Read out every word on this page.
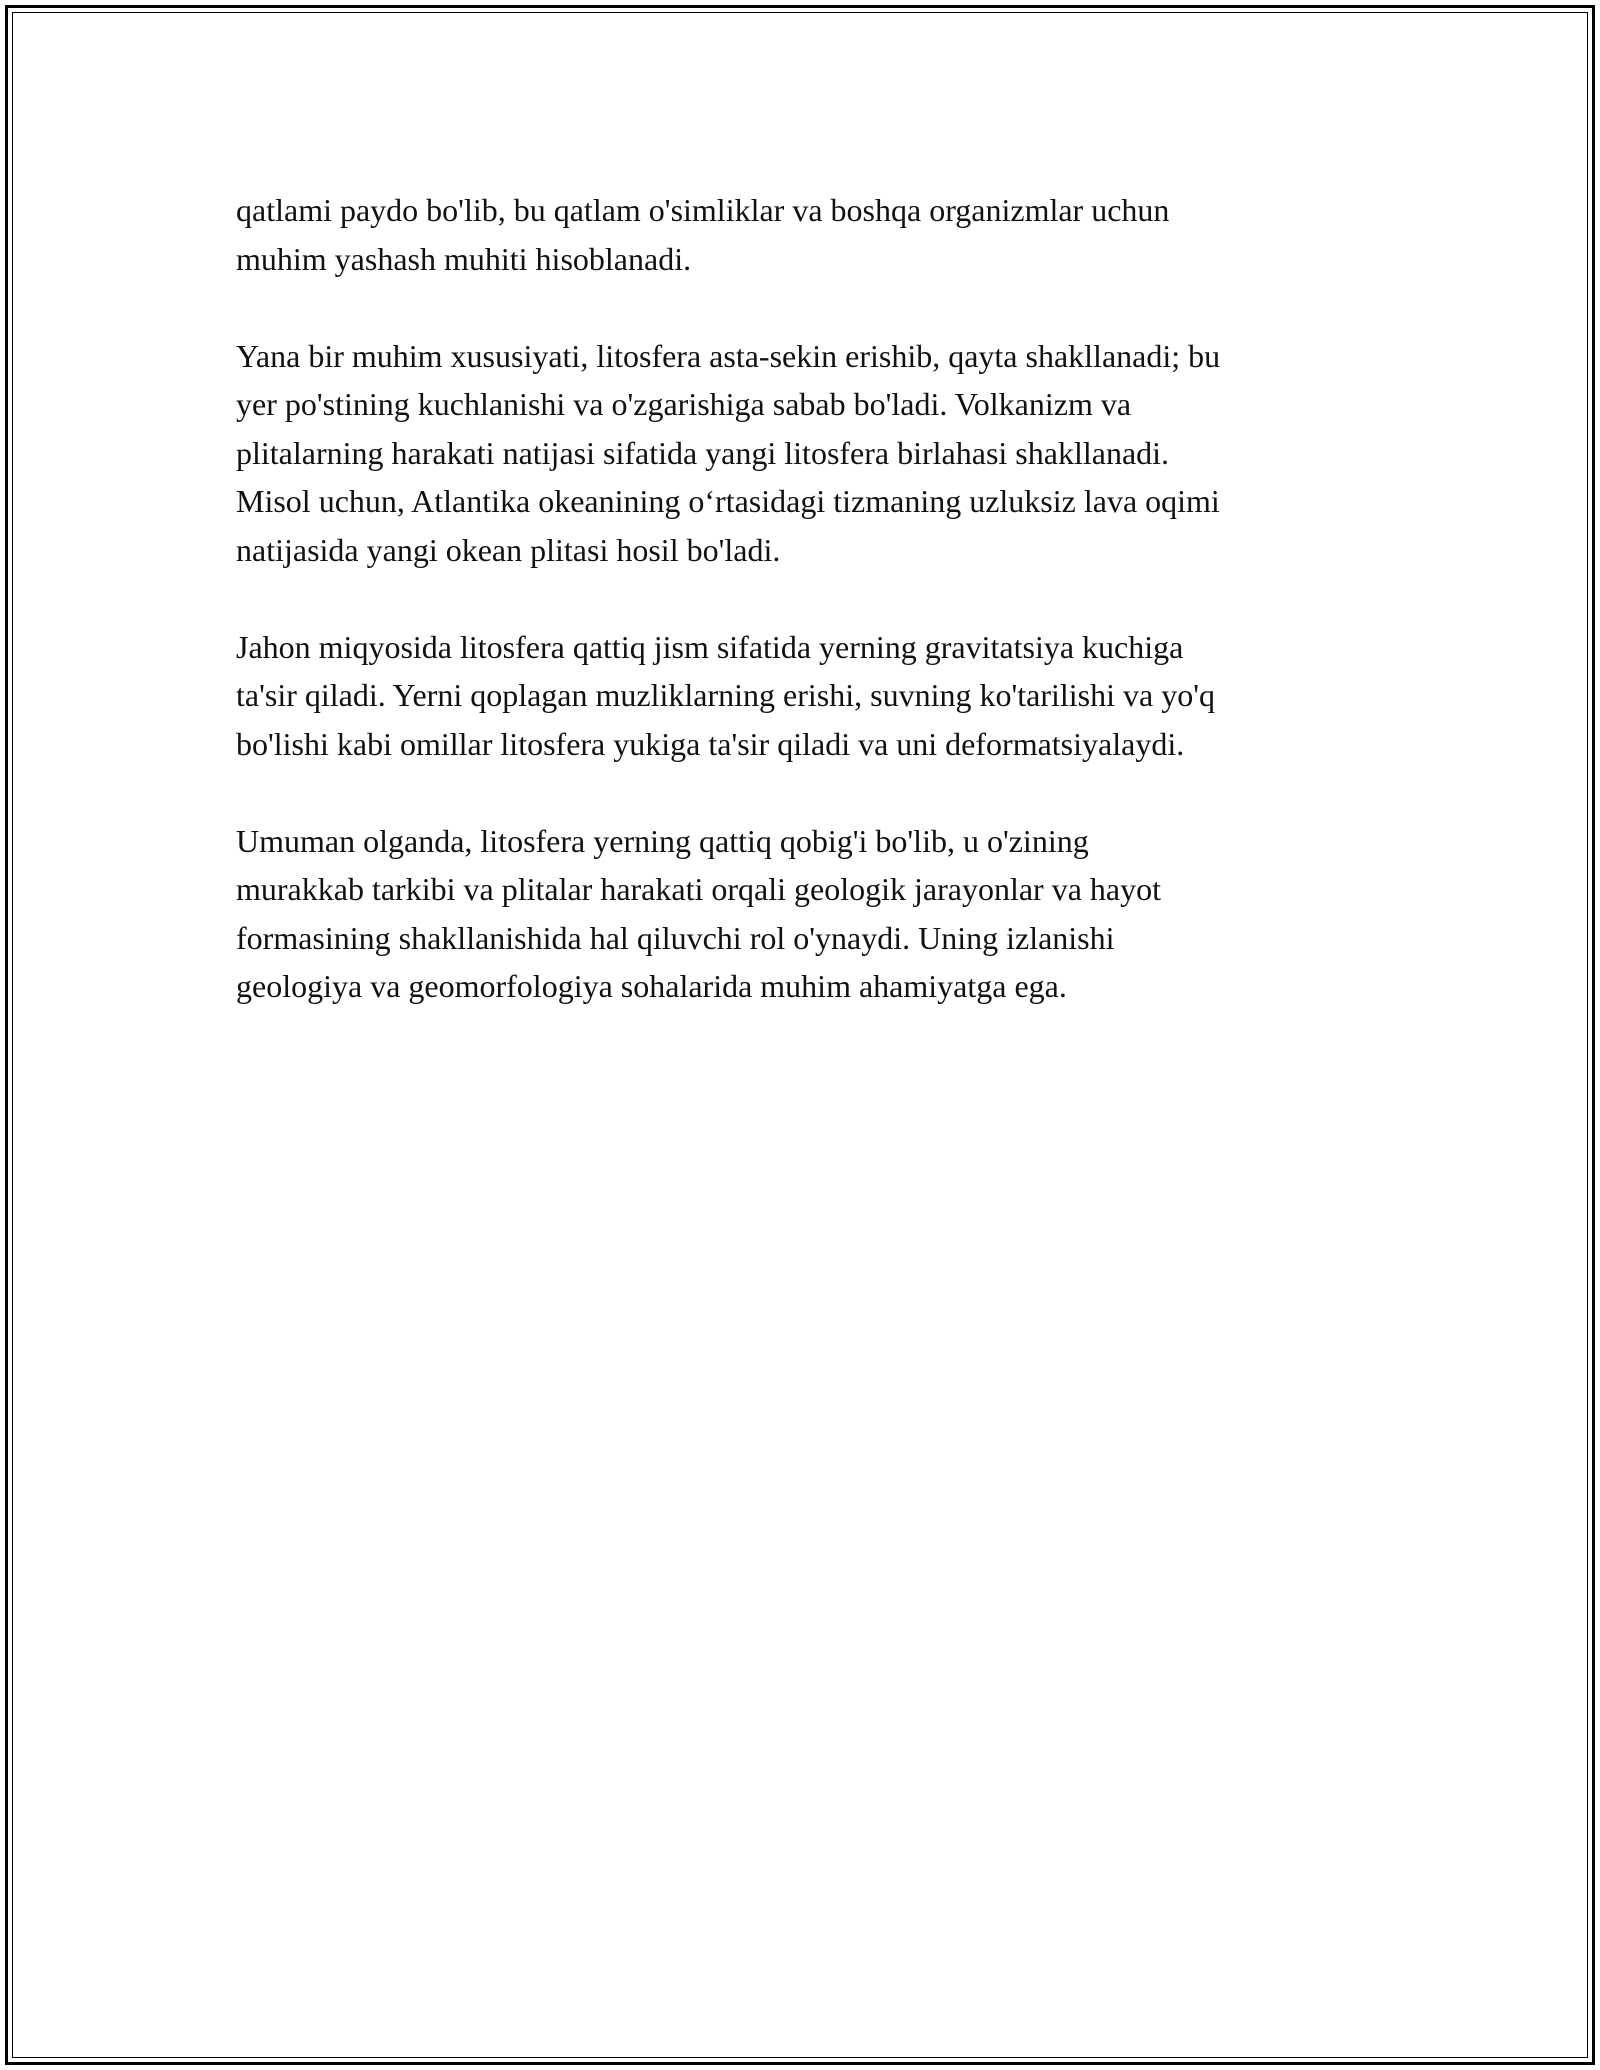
qatlami paydo bo'lib, bu qatlam o'simliklar va boshqa organizmlar uchun
muhim yashash muhiti hisoblanadi.

Yana bir muhim xususiyati, litosfera asta-sekin erishib, qayta shakllanadi; bu
yer po'stining kuchlanishi va o'zgarishiga sabab bo'ladi. Volkanizm va
plitalarning harakati natijasi sifatida yangi litosfera birlahasi shakllanadi.
Misol uchun, Atlantika okeanining o‘rtasidagi tizmaning uzluksiz lava oqimi
natijasida yangi okean plitasi hosil bo'ladi.

Jahon miqyosida litosfera qattiq jism sifatida yerning gravitatsiya kuchiga
ta'sir qiladi. Yerni qoplagan muzliklarning erishi, suvning ko'tarilishi va yo'q
bo'lishi kabi omillar litosfera yukiga ta'sir qiladi va uni deformatsiyalaydi.

Umuman olganda, litosfera yerning qattiq qobig'i bo'lib, u o'zining
murakkab tarkibi va plitalar harakati orqali geologik jarayonlar va hayot
formasining shakllanishida hal qiluvchi rol o'ynaydi. Uning izlanishi
geologiya va geomorfologiya sohalarida muhim ahamiyatga ega.
